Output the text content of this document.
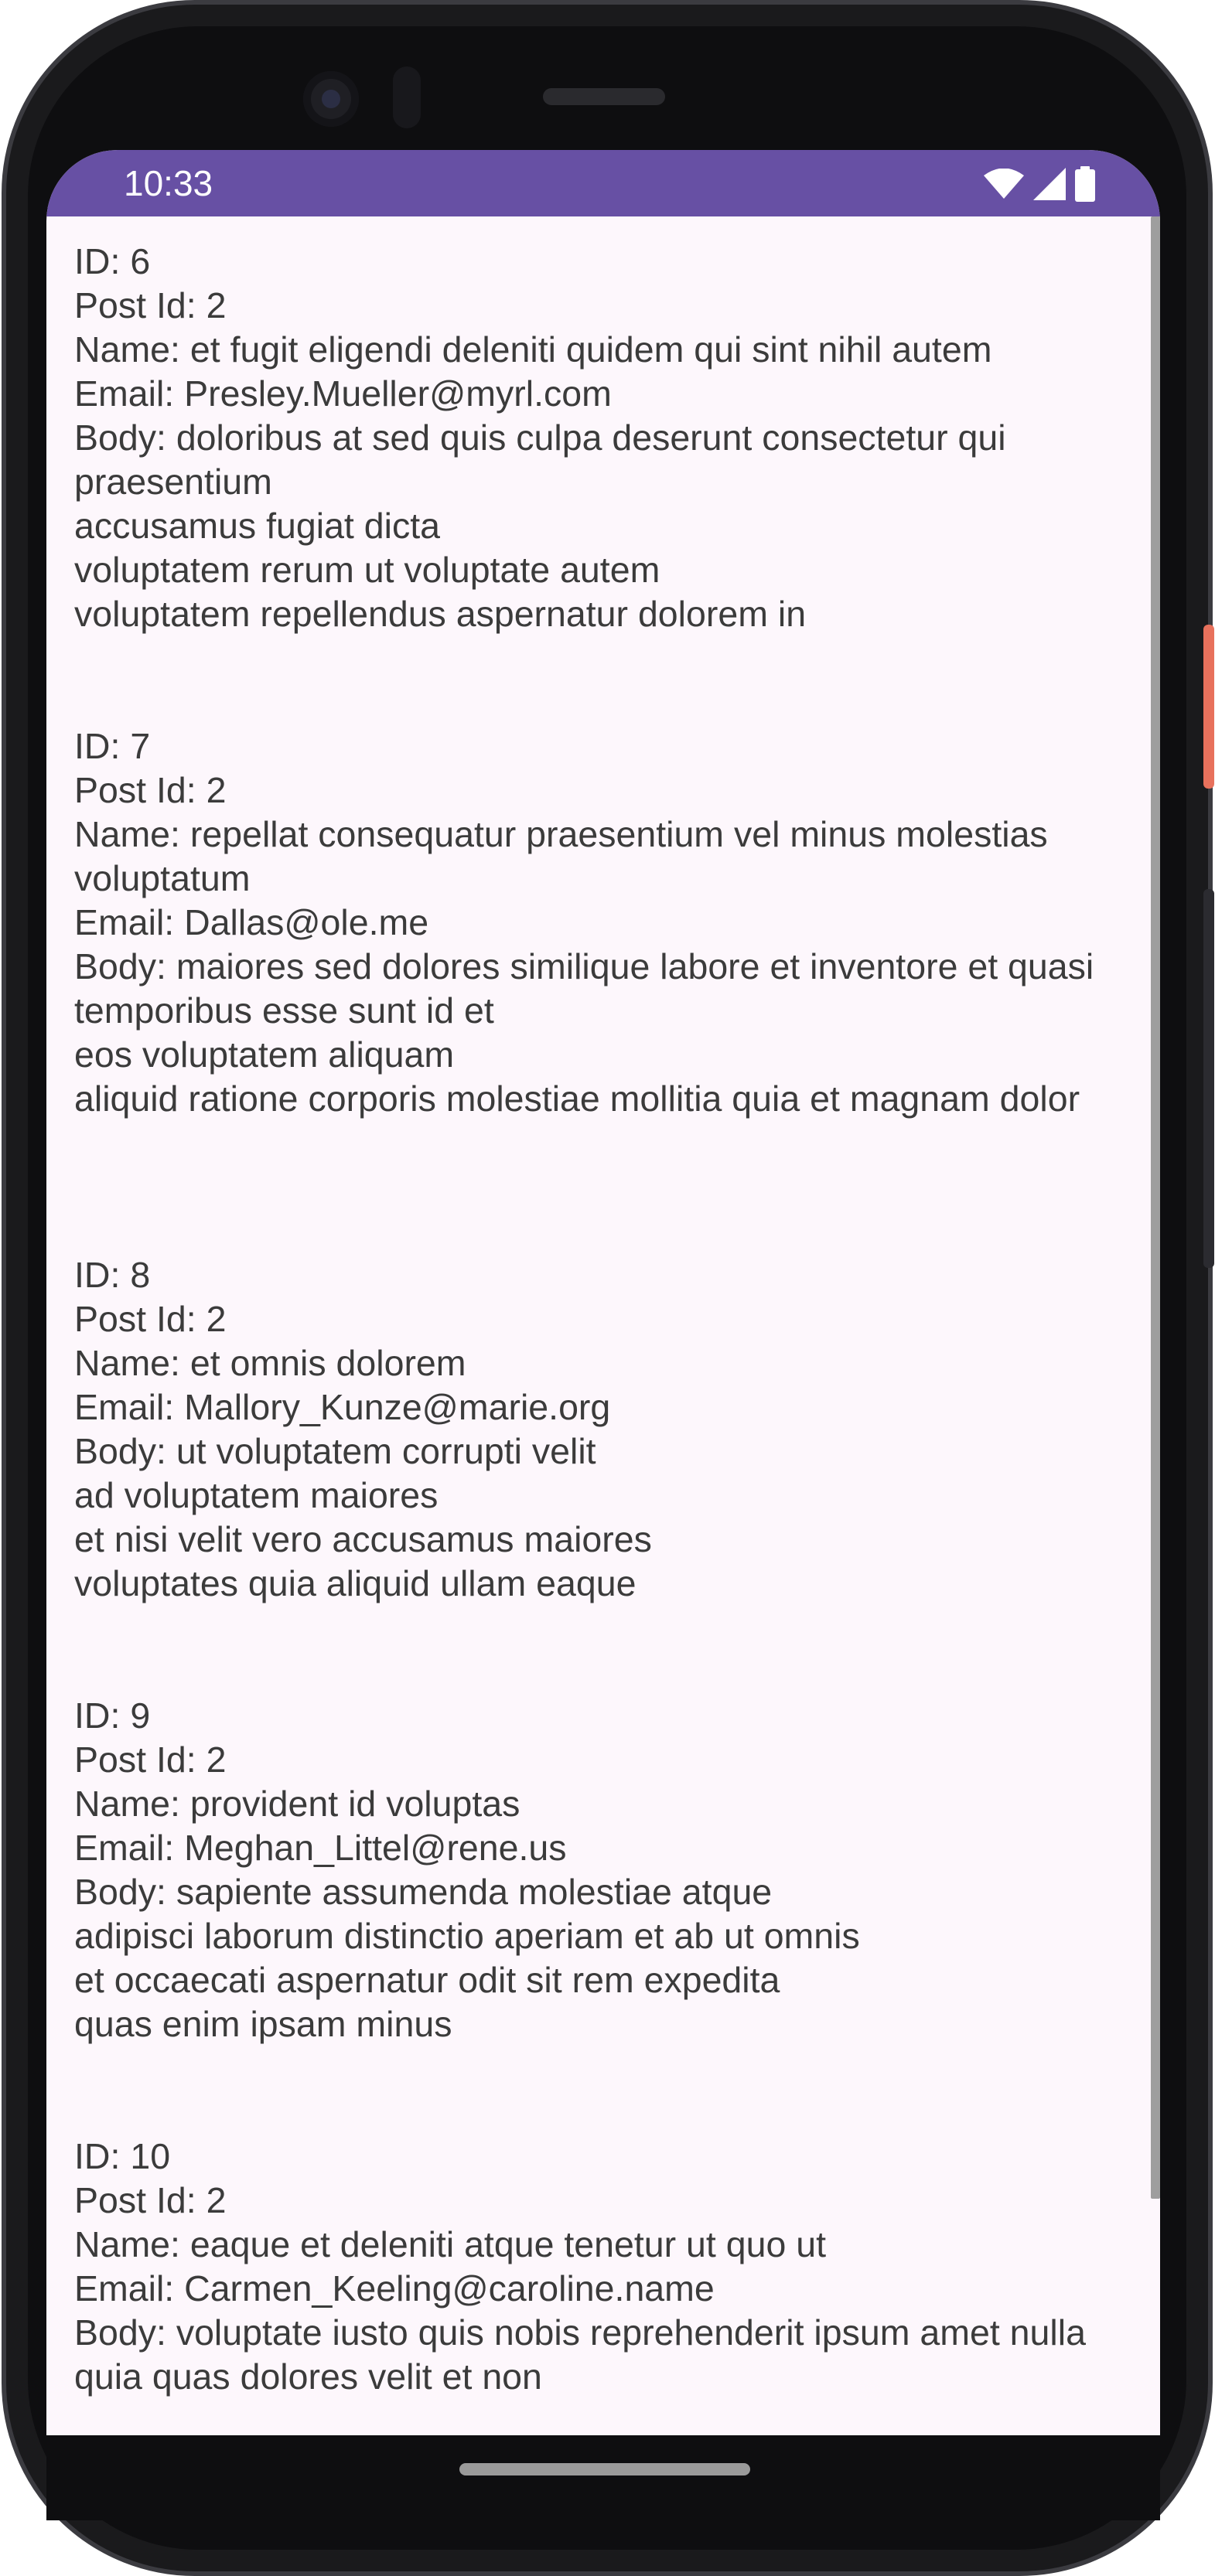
10:33
ID: 6
Post Id: 2
Name: et fugit eligendi deleniti quidem qui sint nihil autem
Email: Presley.Mueller@myrl.com
Body: doloribus at sed quis culpa deserunt consectetur qui praesentium
accusamus fugiat dicta
voluptatem rerum ut voluptate autem
voluptatem repellendus aspernatur dolorem in
ID: 7
Post Id: 2
Name: repellat consequatur praesentium vel minus molestias voluptatum
Email: Dallas@ole.me
Body: maiores sed dolores similique labore et inventore et quasi temporibus esse sunt id et
eos voluptatem aliquam
aliquid ratione corporis molestiae mollitia quia et magnam dolor
ID: 8
Post Id: 2
Name: et omnis dolorem
Email: Mallory_Kunze@marie.org
Body: ut voluptatem corrupti velit
ad voluptatem maiores
et nisi velit vero accusamus maiores
voluptates quia aliquid ullam eaque
ID: 9
Post Id: 2
Name: provident id voluptas
Email: Meghan_Littel@rene.us
Body: sapiente assumenda molestiae atque
adipisci laborum distinctio aperiam et ab ut omnis
et occaecati aspernatur odit sit rem expedita
quas enim ipsam minus
ID: 10
Post Id: 2
Name: eaque et deleniti atque tenetur ut quo ut
Email: Carmen_Keeling@caroline.name
Body: voluptate iusto quis nobis reprehenderit ipsum amet nulla
quia quas dolores velit et non
